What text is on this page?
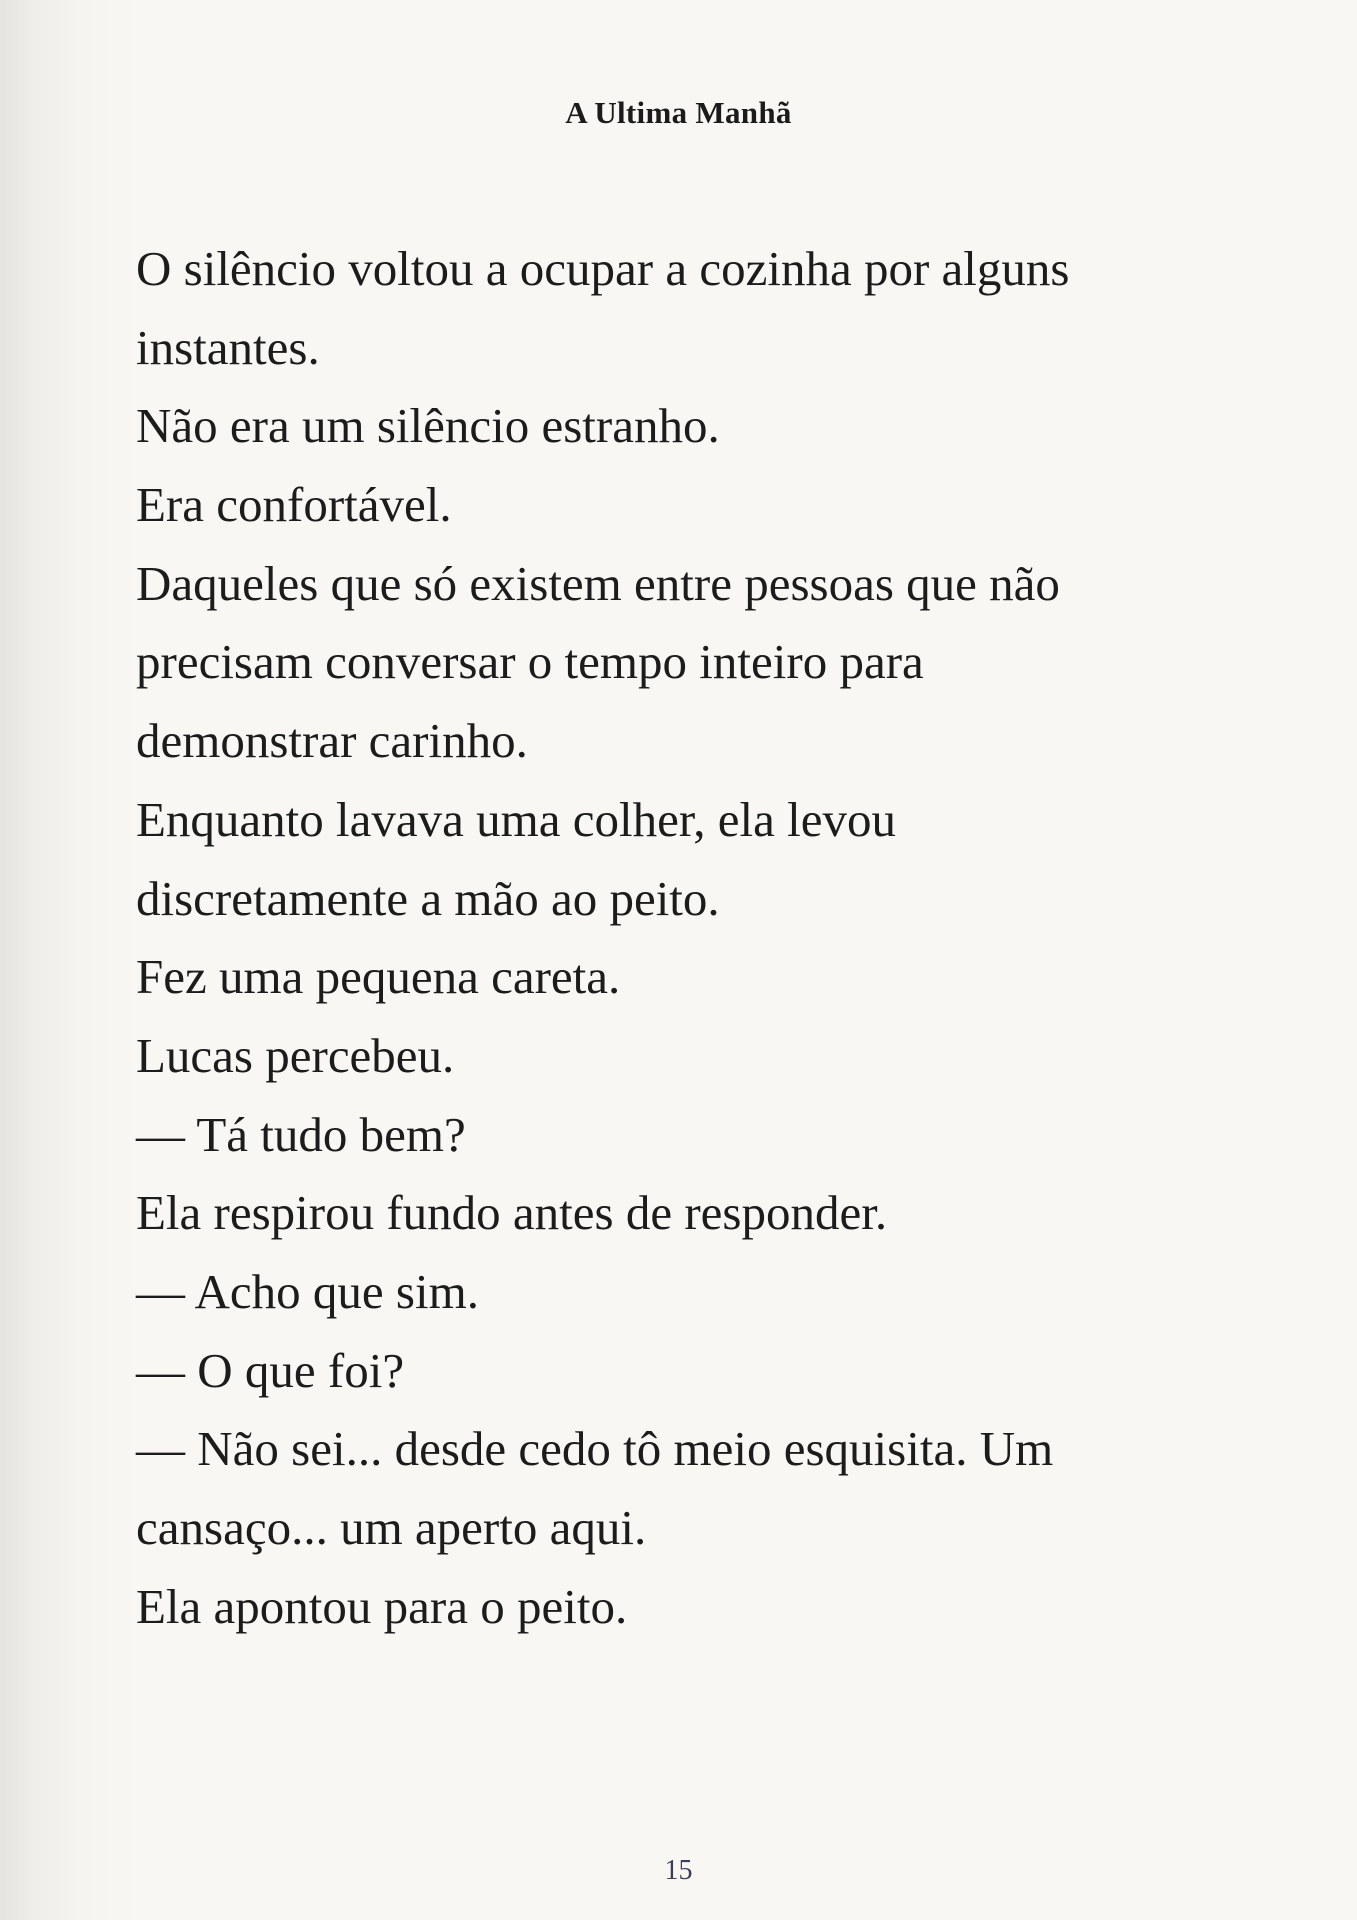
A Ultima Manhã
O silêncio voltou a ocupar a cozinha por alguns
instantes.
Não era um silêncio estranho.
Era confortável.
Daqueles que só existem entre pessoas que não
precisam conversar o tempo inteiro para
demonstrar carinho.
Enquanto lavava uma colher, ela levou
discretamente a mão ao peito.
Fez uma pequena careta.
Lucas percebeu.
— Tá tudo bem?
Ela respirou fundo antes de responder.
— Acho que sim.
— O que foi?
— Não sei... desde cedo tô meio esquisita. Um
cansaço... um aperto aqui.
Ela apontou para o peito.
15
